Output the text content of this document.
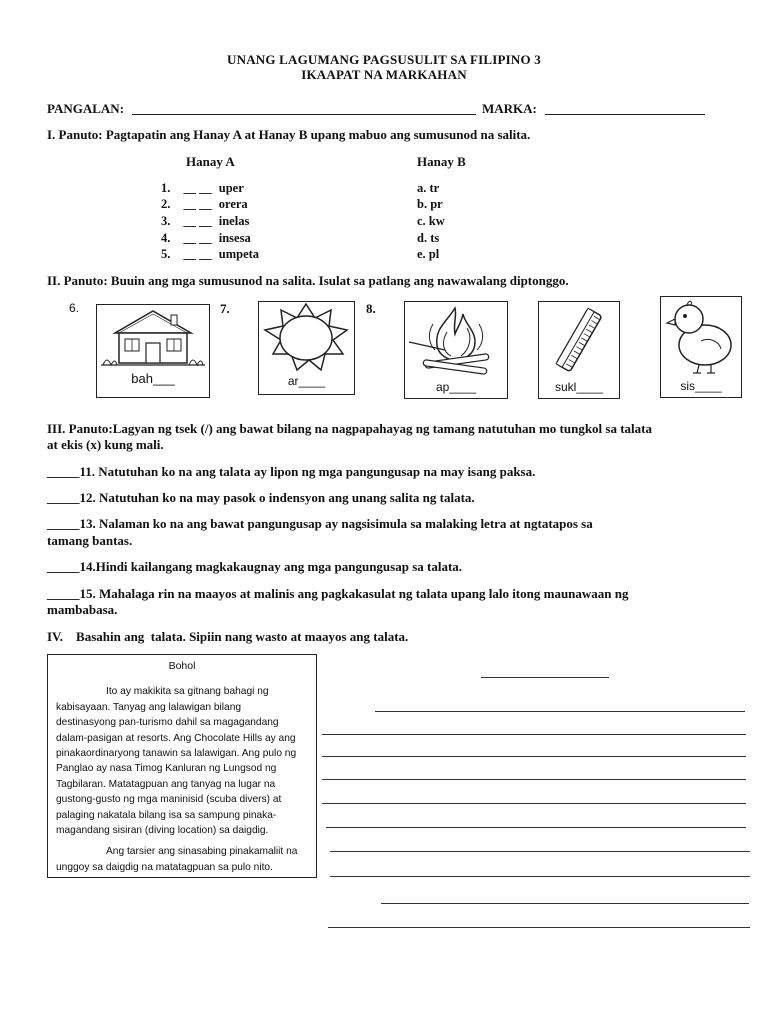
UNANG LAGUMANG PAGSUSULIT SA FILIPINO 3
IKAAPAT NA MARKAHAN
PANGALAN:	MARKA:
I. Panuto: Pagtapatin ang Hanay A at Hanay B upang mabuo ang sumusunod na salita.
Hanay A	Hanay B
1. __ __ uper
2. __ __ orera
3. __ __ inelas
4. __ __ insesa
5. __ __ umpeta
a. tr
b. pr
c. kw
d. ts
e. pl
II. Panuto: Buuin ang mga sumusunod na salita. Isulat sa patlang ang nawawalang diptonggo.
6.	7.	8.
bah___	ar____	ap____	sukl____	sis____
III. Panuto:Lagyan ng tsek (/) ang bawat bilang na nagpapahayag ng tamang natutuhan mo tungkol sa talata
at ekis (x) kung mali.
_____11. Natutuhan ko na ang talata ay lipon ng mga pangungusap na may isang paksa.
_____12. Natutuhan ko na may pasok o indensyon ang unang salita ng talata.
_____13. Nalaman ko na ang bawat pangungusap ay nagsisimula sa malaking letra at ngtatapos sa
tamang bantas.
_____14.Hindi kailangang magkakaugnay ang mga pangungusap sa talata.
_____15. Mahalaga rin na maayos at malinis ang pagkakasulat ng talata upang lalo itong maunawaan ng
mambabasa.
IV.    Basahin ang  talata. Sipiin nang wasto at maayos ang talata.
Bohol
Ito ay makikita sa gitnang bahagi ng
kabisayaan. Tanyag ang lalawigan bilang
destinasyong pan-turismo dahil sa magagandang
dalam-pasigan at resorts. Ang Chocolate Hills ay ang
pinakaordinaryong tanawin sa lalawigan. Ang pulo ng
Panglao ay nasa Timog Kanluran ng Lungsod ng
Tagbilaran. Matatagpuan ang tanyag na lugar na
gustong-gusto ng mga maninisid (scuba divers) at
palaging nakatala bilang isa sa sampung pinaka-
magandang sisiran (diving location) sa daigdig.
Ang tarsier ang sinasabing pinakamaliit na
unggoy sa daigdig na matatagpuan sa pulo nito.
